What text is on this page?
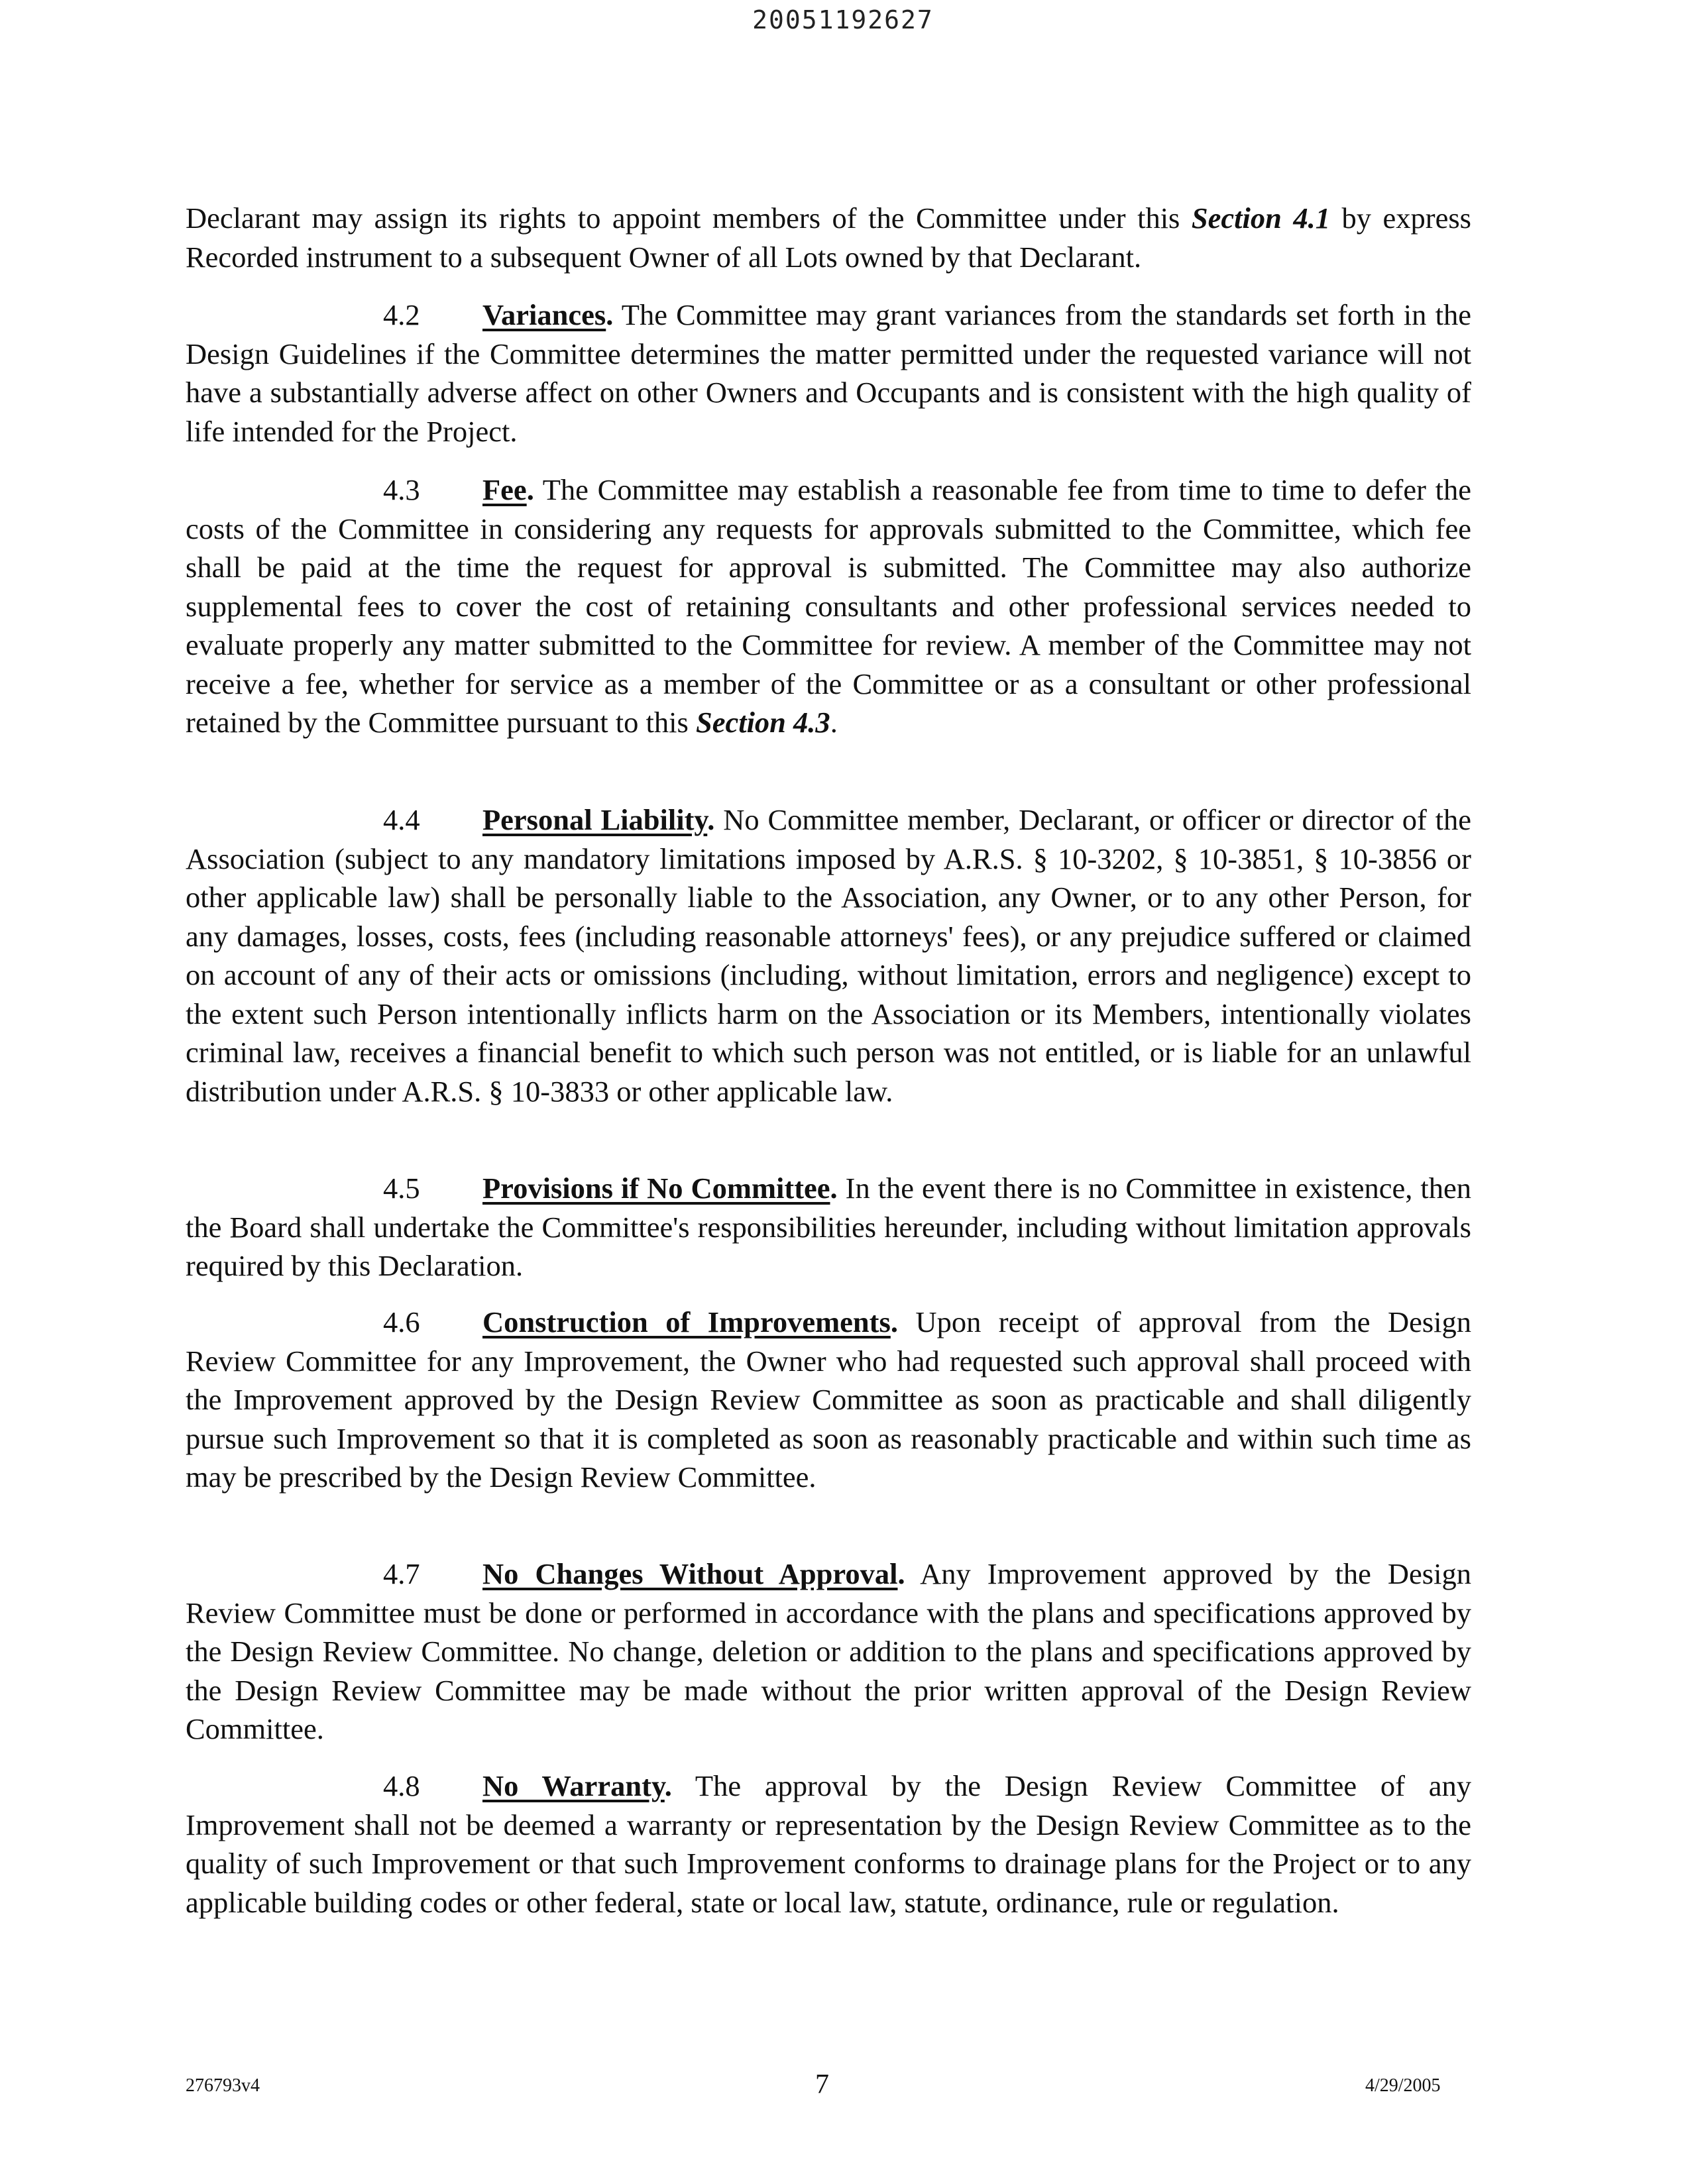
20051192627

Declarant may assign its rights to appoint members of the Committee under this Section 4.1 by express Recorded instrument to a subsequent Owner of all Lots owned by that Declarant.

4.2 Variances. The Committee may grant variances from the standards set forth in the Design Guidelines if the Committee determines the matter permitted under the requested variance will not have a substantially adverse affect on other Owners and Occupants and is consistent with the high quality of life intended for the Project.

4.3 Fee. The Committee may establish a reasonable fee from time to time to defer the costs of the Committee in considering any requests for approvals submitted to the Committee, which fee shall be paid at the time the request for approval is submitted. The Committee may also authorize supplemental fees to cover the cost of retaining consultants and other professional services needed to evaluate properly any matter submitted to the Committee for review. A member of the Committee may not receive a fee, whether for service as a member of the Committee or as a consultant or other professional retained by the Committee pursuant to this Section 4.3.

4.4 Personal Liability. No Committee member, Declarant, or officer or director of the Association (subject to any mandatory limitations imposed by A.R.S. § 10-3202, § 10-3851, § 10-3856 or other applicable law) shall be personally liable to the Association, any Owner, or to any other Person, for any damages, losses, costs, fees (including reasonable attorneys' fees), or any prejudice suffered or claimed on account of any of their acts or omissions (including, without limitation, errors and negligence) except to the extent such Person intentionally inflicts harm on the Association or its Members, intentionally violates criminal law, receives a financial benefit to which such person was not entitled, or is liable for an unlawful distribution under A.R.S. § 10-3833 or other applicable law.

4.5 Provisions if No Committee. In the event there is no Committee in existence, then the Board shall undertake the Committee's responsibilities hereunder, including without limitation approvals required by this Declaration.

4.6 Construction of Improvements. Upon receipt of approval from the Design Review Committee for any Improvement, the Owner who had requested such approval shall proceed with the Improvement approved by the Design Review Committee as soon as practicable and shall diligently pursue such Improvement so that it is completed as soon as reasonably practicable and within such time as may be prescribed by the Design Review Committee.

4.7 No Changes Without Approval. Any Improvement approved by the Design Review Committee must be done or performed in accordance with the plans and specifications approved by the Design Review Committee. No change, deletion or addition to the plans and specifications approved by the Design Review Committee may be made without the prior written approval of the Design Review Committee.

4.8 No Warranty. The approval by the Design Review Committee of any Improvement shall not be deemed a warranty or representation by the Design Review Committee as to the quality of such Improvement or that such Improvement conforms to drainage plans for the Project or to any applicable building codes or other federal, state or local law, statute, ordinance, rule or regulation.

276793v4	7	4/29/2005
